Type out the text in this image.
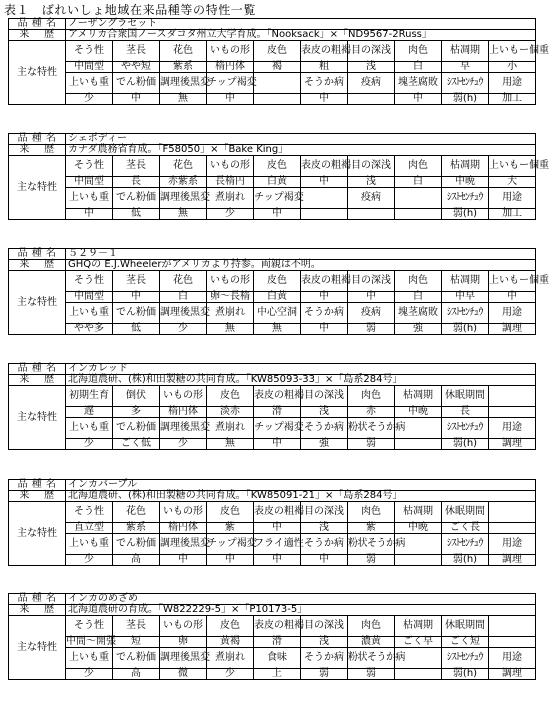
表１　ばれいしょ地域在来品種等の特性一覧
品 種 名	ノーザングラセット									
来　 歴	アメリカ合衆国ノースダコタ州立大学育成。「Nooksack」×「ND9567-2Russ」									
主な特性	そう性	茎長	花色	いもの形	皮色	表皮の粗褐	目の深浅	肉色	枯凋期	上いもー個重
	中間型	やや短	紫系	楕円体	褐	粗	浅	白	早	小
	上いも重	でん粉価	調理後黒変	チップ褐変		そうか病	疫病	塊茎腐敗	ｼｽﾄｾﾝﾁｭｳ	用途
	少	中	無	中		中		中	弱(h)	加工
品 種 名	シェポディー									
来　 歴	カナダ農務省育成。「F58050」×「Bake King」									
主な特性	そう性	茎長	花色	いもの形	皮色	表皮の粗褐	目の深浅	肉色	枯凋期	上いもー個重
	中間型	長	赤紫系	長楕円	白黄	中	浅	白	中晩	大
	上いも重	でん粉価	調理後黒変	煮崩れ	チップ褐変		疫病		ｼｽﾄｾﾝﾁｭｳ	用途
	中	低	無	少	中				弱(h)	加工
品 種 名	５２９－１									
来　 歴	GHQの E.J.Wheelerがアメリカより持参。両親は不明。									
主な特性	そう性	茎長	花色	いもの形	皮色	表皮の粗褐	目の深浅	肉色	枯凋期	上いもー個重
	中間型	中	白	卵～長楕	白黄	中	中	白	中早	中
	上いも重	でん粉価	調理後黒変	煮崩れ	中心空洞	そうか病	疫病	塊茎腐敗	ｼｽﾄｾﾝﾁｭｳ	用途
	やや多	低	少	無	無	中	弱	強	弱(h)	調理
品 種 名	インカレッド									
来　 歴	北海道農研、(株)和田製糖の共同育成。「KW85093-33」×「島系284号」									
主な特性	初期生育	倒伏	いもの形	皮色	表皮の粗褐	目の深浅	肉色	枯凋期	休眠期間	
	遅	多	楕円体	淡赤	滑	浅	赤	中晩	長	
	上いも重	でん粉価	調理後黒変	煮崩れ	チップ褐変	そうか病	粉状そうか病		ｼｽﾄｾﾝﾁｭｳ	用途
	少	ごく低	少	無	中	強	弱		弱(h)	調理
品 種 名	インカパープル									
来　 歴	北海道農研、(株)和田製糖の共同育成。「KW85091-21」×「島系284号」									
主な特性	そう性	花色	いもの形	皮色	表皮の粗褐	目の深浅	肉色	枯凋期	休眠期間	
	直立型	紫系	楕円体	紫	中	浅	紫	中晩	ごく長	
	上いも重	でん粉価	調理後黒変	チップ褐変	フライ適性	そうか病	粉状そうか病		ｼｽﾄｾﾝﾁｭｳ	用途
	少	高	中	中	中	中	弱		弱(h)	調理
品 種 名	インカのめざめ									
来　 歴	北海道農研の育成。「W822229-5」×「P10173-5」									
主な特性	そう性	茎長	いもの形	皮色	表皮の粗褐	目の深浅	肉色	枯凋期	休眠期間	
	中間～開張	短	卵	黄褐	滑	浅	濃黄	ごく早	ごく短	
	上いも重	でん粉価	調理後黒変	煮崩れ	食味	そうか病	粉状そうか病		ｼｽﾄｾﾝﾁｭｳ	用途
	少	高	微	少	上	弱	弱		弱(h)	調理
